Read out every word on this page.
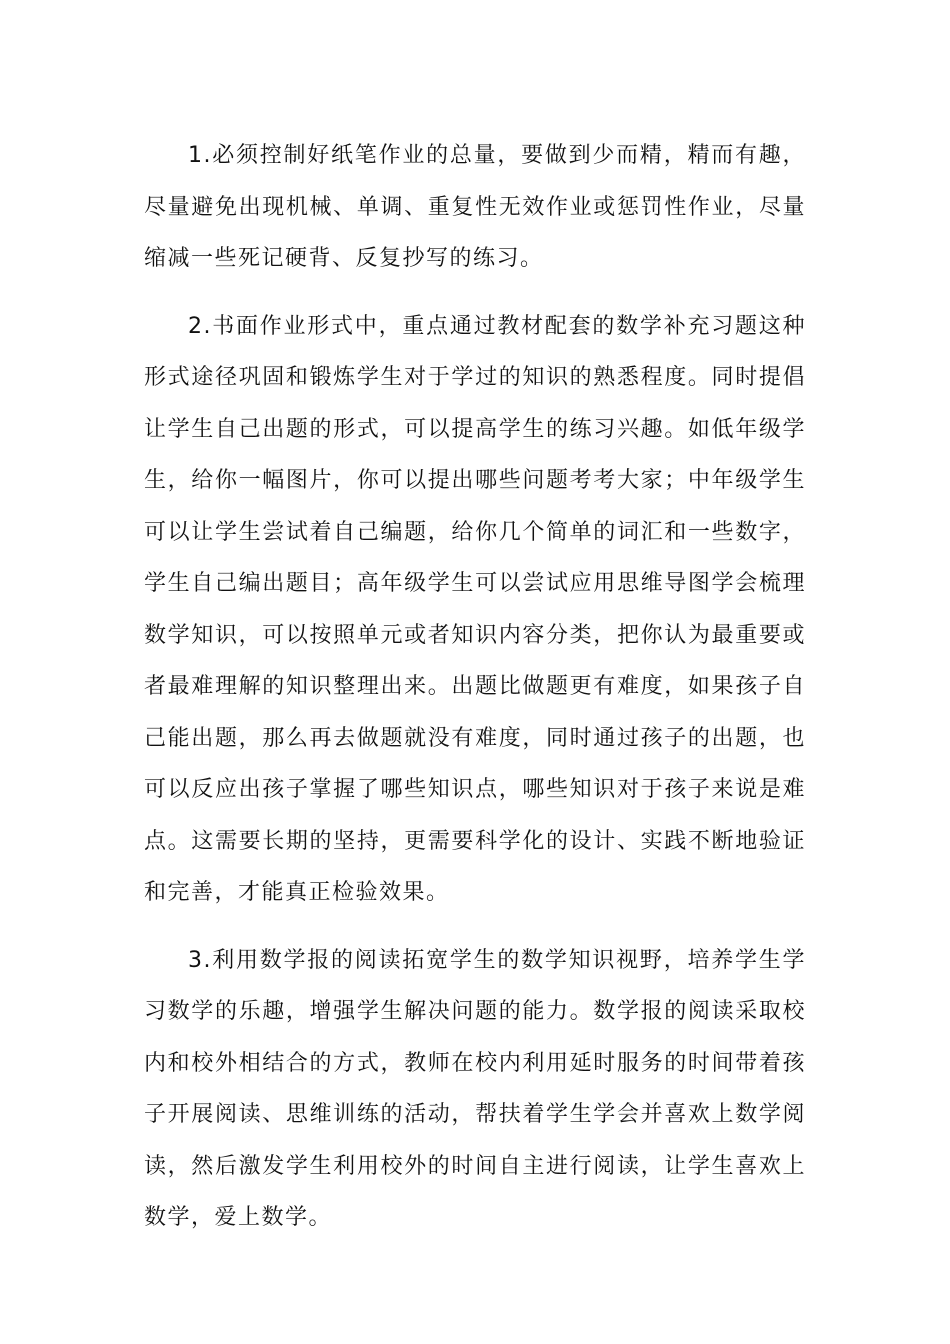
1.必须控制好纸笔作业的总量，要做到少而精，精而有趣，尽量避免出现机械、单调、重复性无效作业或惩罚性作业，尽量缩减一些死记硬背、反复抄写的练习。

2.书面作业形式中，重点通过教材配套的数学补充习题这种形式途径巩固和锻炼学生对于学过的知识的熟悉程度。同时提倡让学生自己出题的形式，可以提高学生的练习兴趣。如低年级学生，给你一幅图片，你可以提出哪些问题考考大家；中年级学生可以让学生尝试着自己编题，给你几个简单的词汇和一些数字，学生自己编出题目；高年级学生可以尝试应用思维导图学会梳理数学知识，可以按照单元或者知识内容分类，把你认为最重要或者最难理解的知识整理出来。出题比做题更有难度，如果孩子自己能出题，那么再去做题就没有难度，同时通过孩子的出题，也可以反应出孩子掌握了哪些知识点，哪些知识对于孩子来说是难点。这需要长期的坚持，更需要科学化的设计、实践不断地验证和完善，才能真正检验效果。

3.利用数学报的阅读拓宽学生的数学知识视野，培养学生学习数学的乐趣，增强学生解决问题的能力。数学报的阅读采取校内和校外相结合的方式，教师在校内利用延时服务的时间带着孩子开展阅读、思维训练的活动，帮扶着学生学会并喜欢上数学阅读，然后激发学生利用校外的时间自主进行阅读，让学生喜欢上数学，爱上数学。
